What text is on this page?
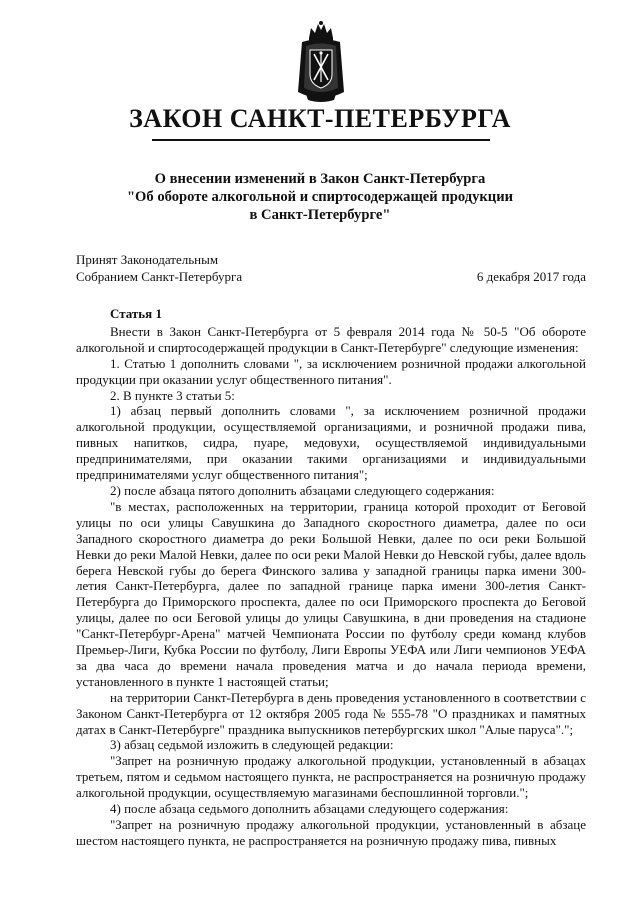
ЗАКОН САНКТ-ПЕТЕРБУРГА
О внесении изменений в Закон Санкт-Петербурга
"Об обороте алкогольной и спиртосодержащей продукции
в Санкт-Петербурге"
Принят Законодательным
Собранием Санкт-Петербурга	6 декабря 2017 года
Статья 1

Внести в Закон Санкт-Петербурга от 5 февраля 2014 года № 50-5 "Об обороте алкогольной и спиртосодержащей продукции в Санкт-Петербурге" следующие изменения:

1. Статью 1 дополнить словами ", за исключением розничной продажи алкогольной продукции при оказании услуг общественного питания".

2. В пункте 3 статьи 5:

1) абзац первый дополнить словами ", за исключением розничной продажи алкогольной продукции, осуществляемой организациями, и розничной продажи пива, пивных напитков, сидра, пуаре, медовухи, осуществляемой индивидуальными предпринимателями, при оказании такими организациями и индивидуальными предпринимателями услуг общественного питания";

2) после абзаца пятого дополнить абзацами следующего содержания:

"в местах, расположенных на территории, граница которой проходит от Беговой улицы по оси улицы Савушкина до Западного скоростного диаметра, далее по оси Западного скоростного диаметра до реки Большой Невки, далее по оси реки Большой Невки до реки Малой Невки, далее по оси реки Малой Невки до Невской губы, далее вдоль берега Невской губы до берега Финского залива у западной границы парка имени 300-летия Санкт-Петербурга, далее по западной границе парка имени 300-летия Санкт-Петербурга до Приморского проспекта, далее по оси Приморского проспекта до Беговой улицы, далее по оси Беговой улицы до улицы Савушкина, в дни проведения на стадионе "Санкт-Петербург-Арена" матчей Чемпионата России по футболу среди команд клубов Премьер-Лиги, Кубка России по футболу, Лиги Европы УЕФА или Лиги чемпионов УЕФА за два часа до времени начала проведения матча и до начала периода времени, установленного в пункте 1 настоящей статьи;

на территории Санкт-Петербурга в день проведения установленного в соответствии с Законом Санкт-Петербурга от 12 октября 2005 года № 555-78 "О праздниках и памятных датах в Санкт-Петербурге" праздника выпускников петербургских школ "Алые паруса".";

3) абзац седьмой изложить в следующей редакции:

"Запрет на розничную продажу алкогольной продукции, установленный в абзацах третьем, пятом и седьмом настоящего пункта, не распространяется на розничную продажу алкогольной продукции, осуществляемую магазинами беспошлинной торговли.";

4) после абзаца седьмого дополнить абзацами следующего содержания:

"Запрет на розничную продажу алкогольной продукции, установленный в абзаце шестом настоящего пункта, не распространяется на розничную продажу пива, пивных
